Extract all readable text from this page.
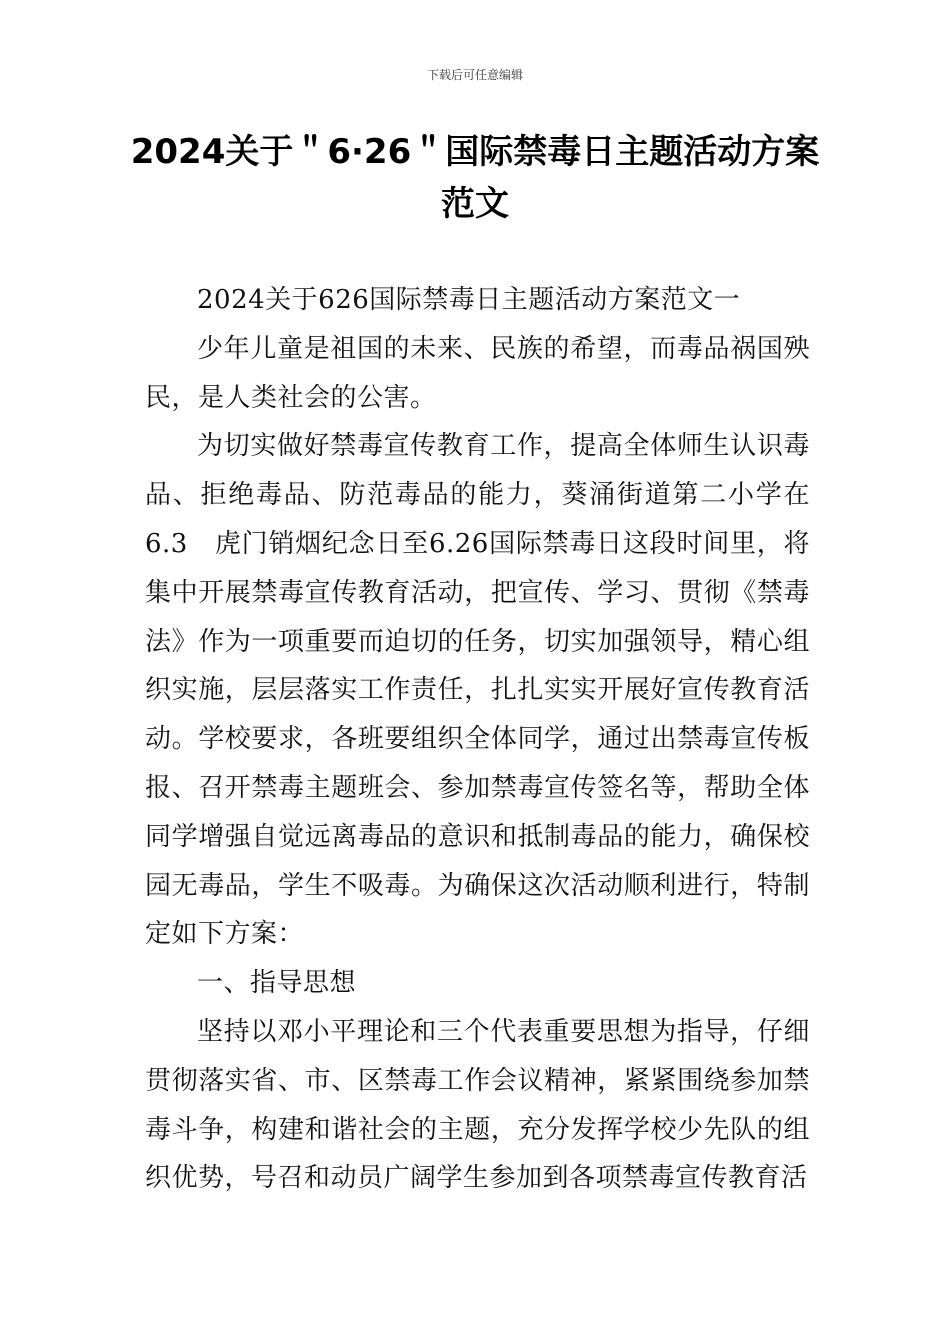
下载后可任意编辑
2024关于＂6·26＂国际禁毒日主题活动方案范文

2024关于626国际禁毒日主题活动方案范文一

少年儿童是祖国的未来、民族的希望，而毒品祸国殃民，是人类社会的公害。

为切实做好禁毒宣传教育工作，提高全体师生认识毒品、拒绝毒品、防范毒品的能力，葵涌街道第二小学在6.3　虎门销烟纪念日至6.26国际禁毒日这段时间里，将集中开展禁毒宣传教育活动，把宣传、学习、贯彻《禁毒法》作为一项重要而迫切的任务，切实加强领导，精心组织实施，层层落实工作责任，扎扎实实开展好宣传教育活动。学校要求，各班要组织全体同学，通过出禁毒宣传板报、召开禁毒主题班会、参加禁毒宣传签名等，帮助全体同学增强自觉远离毒品的意识和抵制毒品的能力，确保校园无毒品，学生不吸毒。为确保这次活动顺利进行，特制定如下方案：

一、指导思想

坚持以邓小平理论和三个代表重要思想为指导，仔细贯彻落实省、市、区禁毒工作会议精神，紧紧围绕参加禁毒斗争，构建和谐社会的主题，充分发挥学校少先队的组织优势，号召和动员广阔学生参加到各项禁毒宣传教育活
